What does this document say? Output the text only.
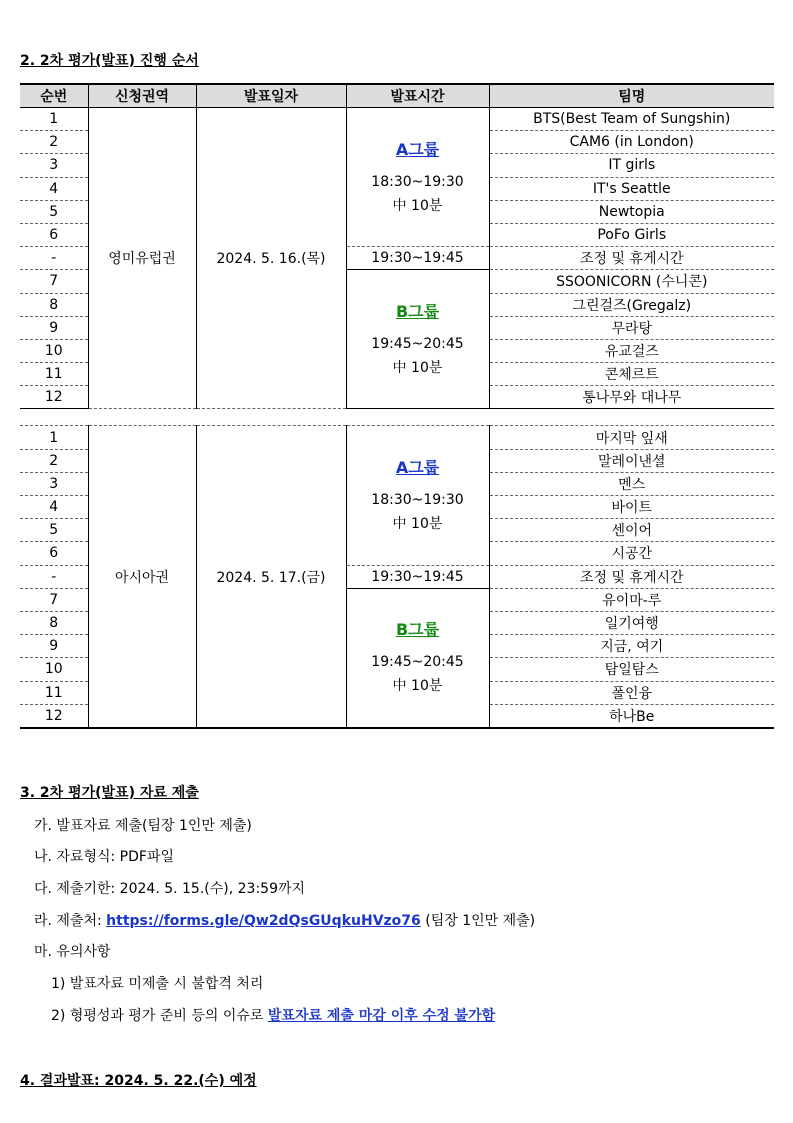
2. 2차 평가(발표) 진행 순서
순번	신청권역	발표일자	발표시간	팀명
1	영미유럽권	2024. 5. 16.(목)	A그룹
18:30~19:30
中 10분	BTS(Best Team of Sungshin)
2				CAM6 (in London)
3				IT girls
4				IT's Seattle
5				Newtopia
6				PoFo Girls
-			19:30~19:45	조정 및 휴게시간
7			B그룹
19:45~20:45
中 10분	SSOONICORN (수니콘)
8				그린걸즈(Gregalz)
9				무라탕
10				유교걸즈
11				콘체르트
12				통나무와 대나무

1	아시아권	2024. 5. 17.(금)	A그룹
18:30~19:30
中 10분	마지막 잎새
2				말레이낸셜
3				멘스
4				바이트
5				센이어
6				시공간
-			19:30~19:45	조정 및 휴게시간
7			B그룹
19:45~20:45
中 10분	유이마-루
8				일기여행
9				지금, 여기
10				탐일탐스
11				폴인융
12				하나Be
3. 2차 평가(발표) 자료 제출
가. 발표자료 제출(팀장 1인만 제출)
나. 자료형식: PDF파일
다. 제출기한: 2024. 5. 15.(수), 23:59까지
라. 제출처: https://forms.gle/Qw2dQsGUqkuHVzo76 (팀장 1인만 제출)
마. 유의사항
1) 발표자료 미제출 시 불합격 처리
2) 형평성과 평가 준비 등의 이슈로 발표자료 제출 마감 이후 수정 불가함
4. 결과발표: 2024. 5. 22.(수) 예정
